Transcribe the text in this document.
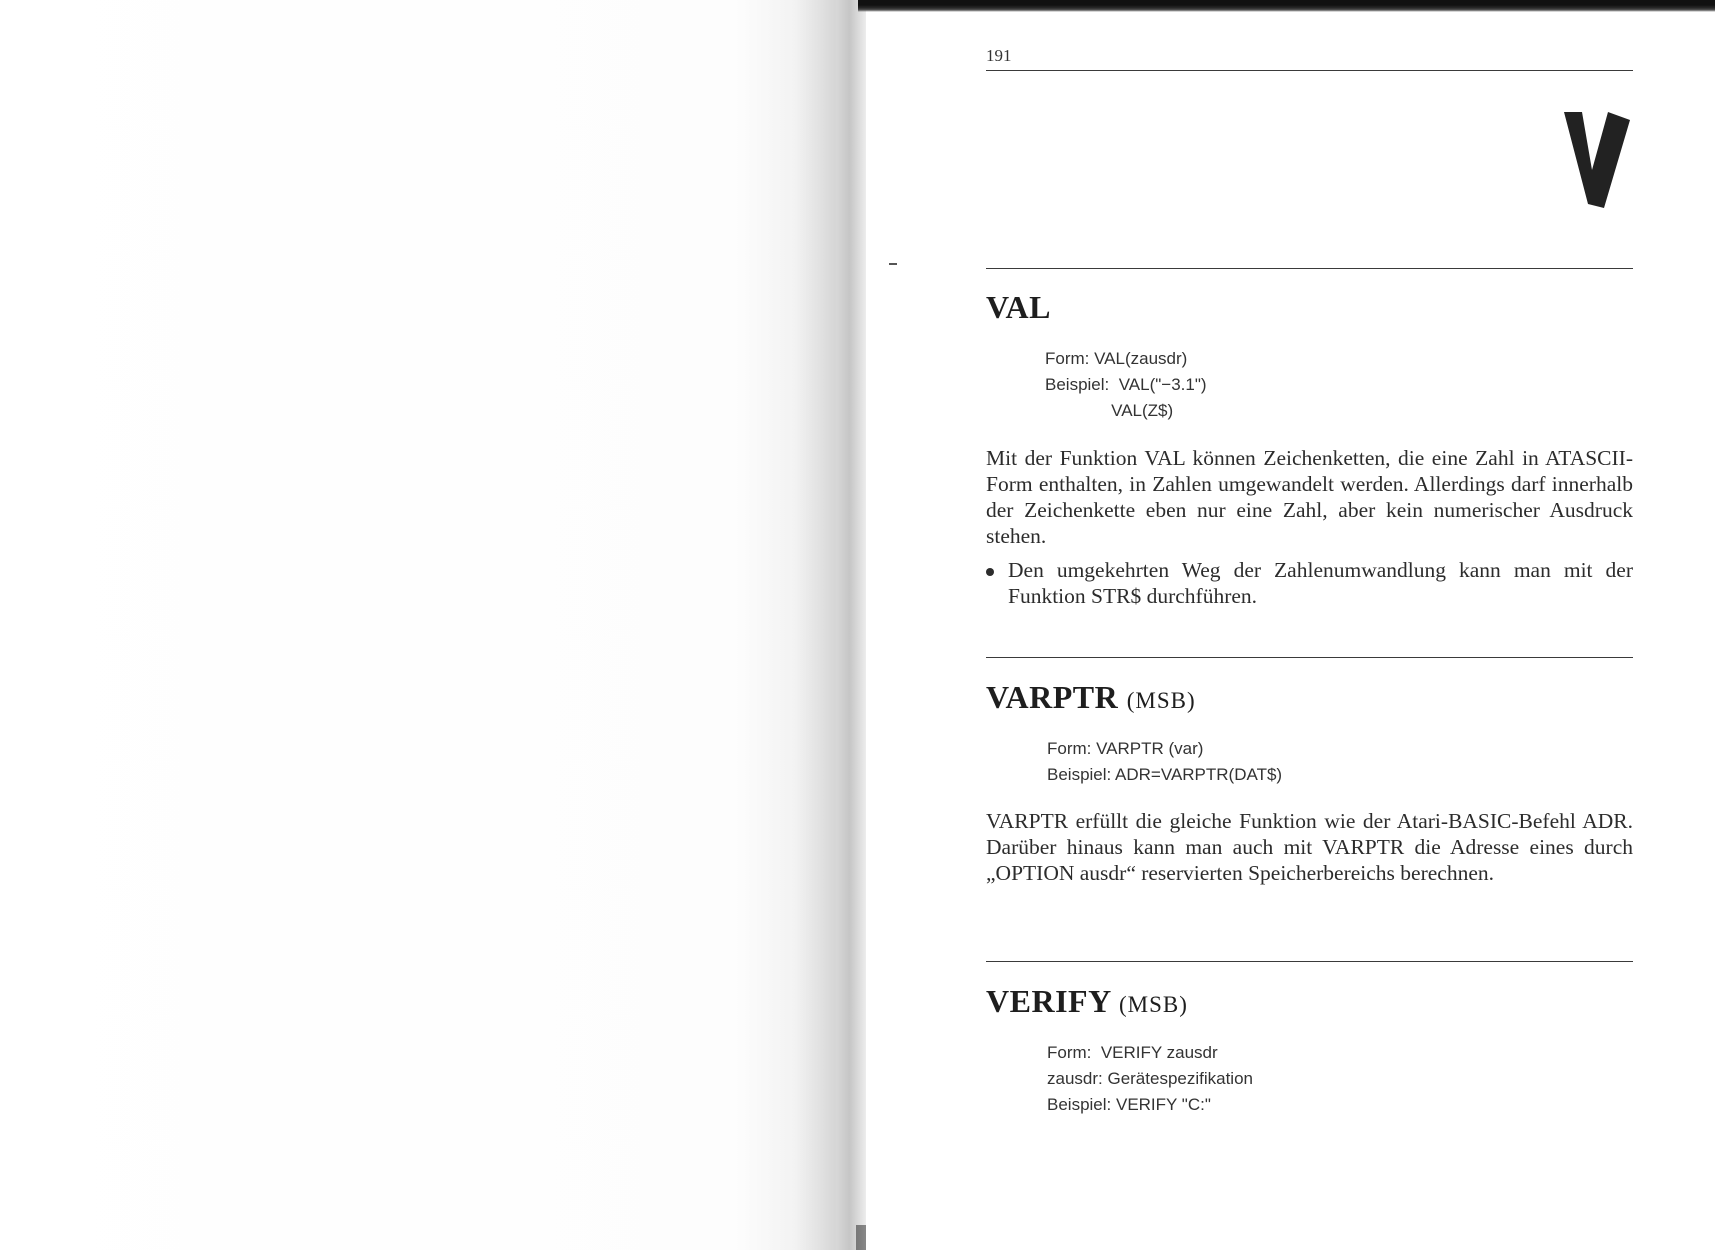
191
VAL
Form: VAL(zausdr)
Beispiel:  VAL("−3.1")
VAL(Z$)
Mit der Funktion VAL können Zeichenketten, die eine Zahl in ATASCII-Form enthalten, in Zahlen umgewandelt werden. Allerdings darf innerhalb der Zeichenkette eben nur eine Zahl, aber kein numerischer Ausdruck stehen.
Den umgekehrten Weg der Zahlenumwandlung kann man mit der Funktion STR$ durchführen.
VARPTR (MSB)
Form: VARPTR (var)
Beispiel: ADR=VARPTR(DAT$)
VARPTR erfüllt die gleiche Funktion wie der Atari-BASIC-Befehl ADR. Darüber hinaus kann man auch mit VARPTR die Adresse eines durch „OPTION ausdr“ reservierten Speicherbereichs berechnen.
VERIFY (MSB)
Form:  VERIFY zausdr
zausdr: Gerätespezifikation
Beispiel: VERIFY "C:"
